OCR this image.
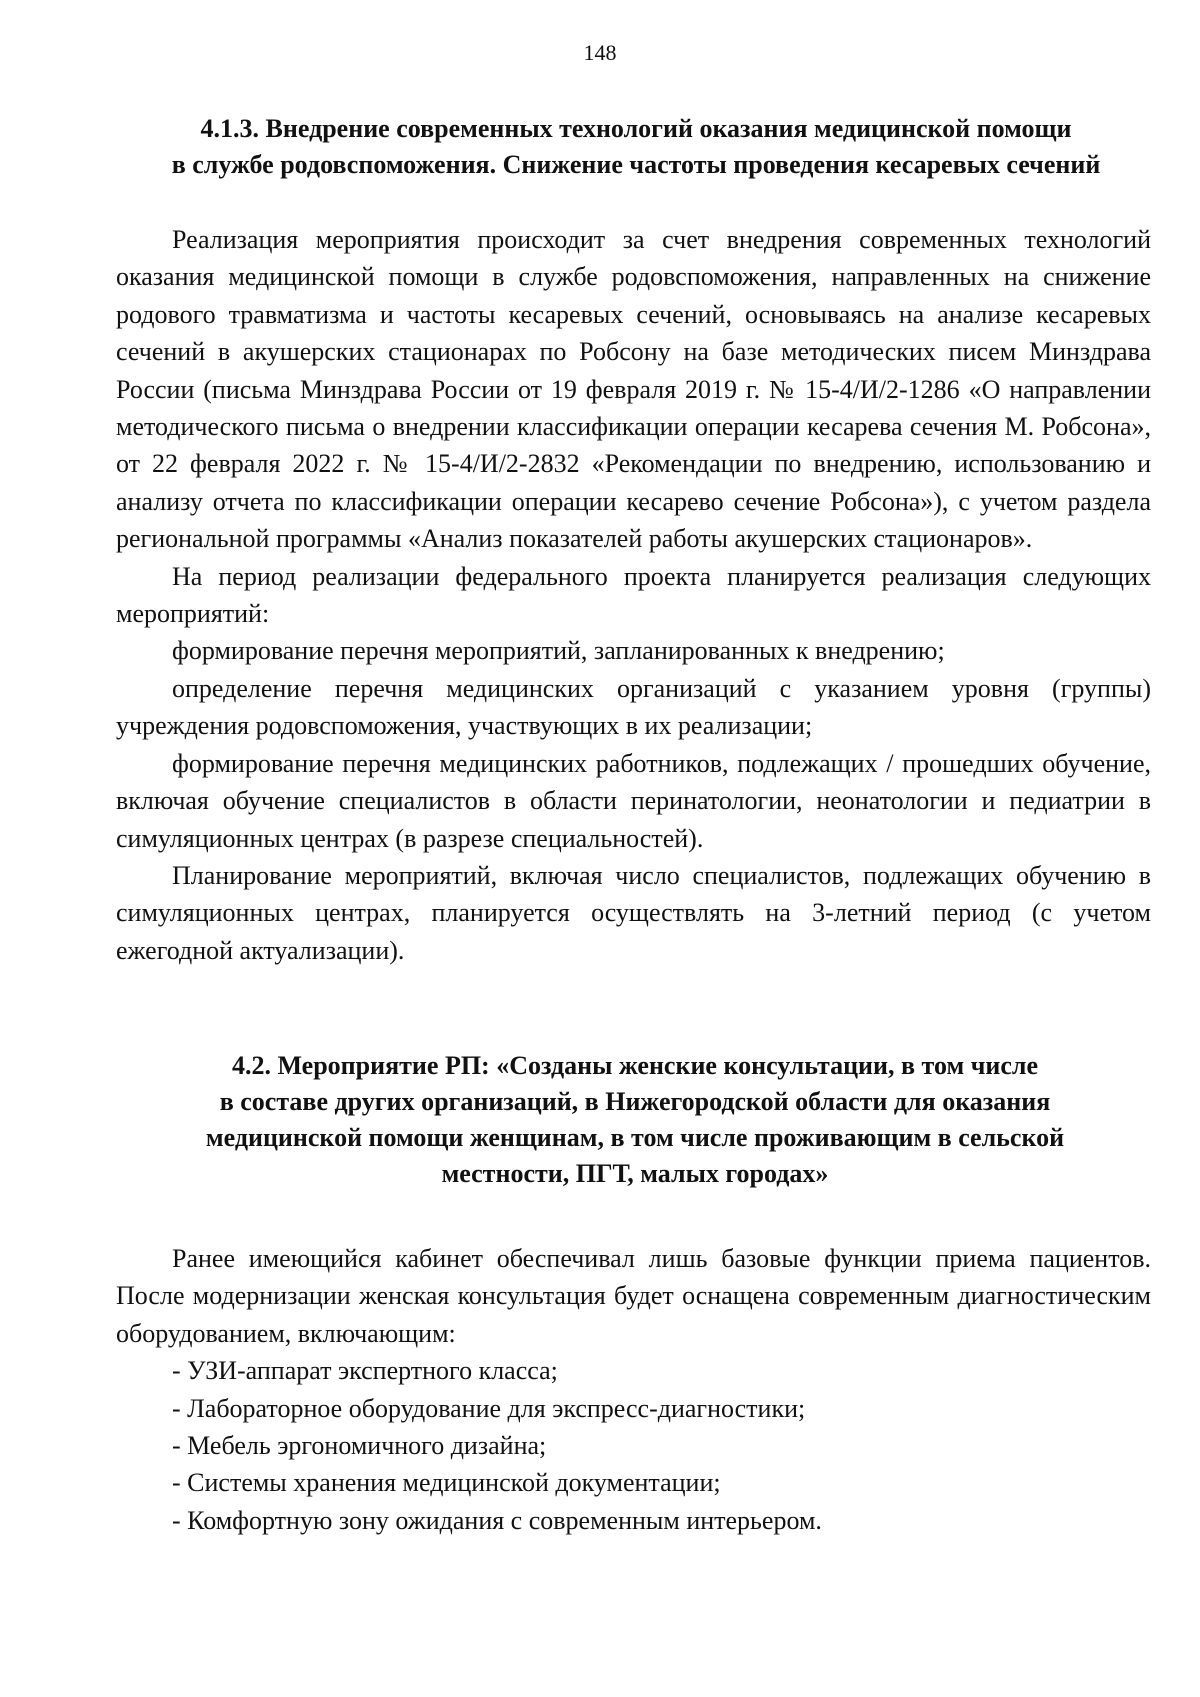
148
4.1.3. Внедрение современных технологий оказания медицинской помощи
в службе родовспоможения. Снижение частоты проведения кесаревых сечений

Реализация мероприятия происходит за счет внедрения современных технологий оказания медицинской помощи в службе родовспоможения, направленных на снижение родового травматизма и частоты кесаревых сечений, основываясь на анализе кесаревых сечений в акушерских стационарах по Робсону на базе методических писем Минздрава России (письма Минздрава России от 19 февраля 2019 г. № 15-4/И/2-1286 «О направлении методического письма о внедрении классификации операции кесарева сечения М. Робсона», от 22 февраля 2022 г. № 15-4/И/2-2832 «Рекомендации по внедрению, использованию и анализу отчета по классификации операции кесарево сечение Робсона»), с учетом раздела региональной программы «Анализ показателей работы акушерских стационаров».

На период реализации федерального проекта планируется реализация следующих мероприятий:

формирование перечня мероприятий, запланированных к внедрению;

определение перечня медицинских организаций с указанием уровня (группы) учреждения родовспоможения, участвующих в их реализации;

формирование перечня медицинских работников, подлежащих / прошедших обучение, включая обучение специалистов в области перинатологии, неонатологии и педиатрии в симуляционных центрах (в разрезе специальностей).

Планирование мероприятий, включая число специалистов, подлежащих обучению в симуляционных центрах, планируется осуществлять на 3-летний период (с учетом ежегодной актуализации).

4.2. Мероприятие РП: «Созданы женские консультации, в том числе
в составе других организаций, в Нижегородской области для оказания
медицинской помощи женщинам, в том числе проживающим в сельской
местности, ПГТ, малых городах»

Ранее имеющийся кабинет обеспечивал лишь базовые функции приема пациентов. После модернизации женская консультация будет оснащена современным диагностическим оборудованием, включающим:

- УЗИ-аппарат экспертного класса;

- Лабораторное оборудование для экспресс-диагностики;

- Мебель эргономичного дизайна;

- Системы хранения медицинской документации;

- Комфортную зону ожидания с современным интерьером.
